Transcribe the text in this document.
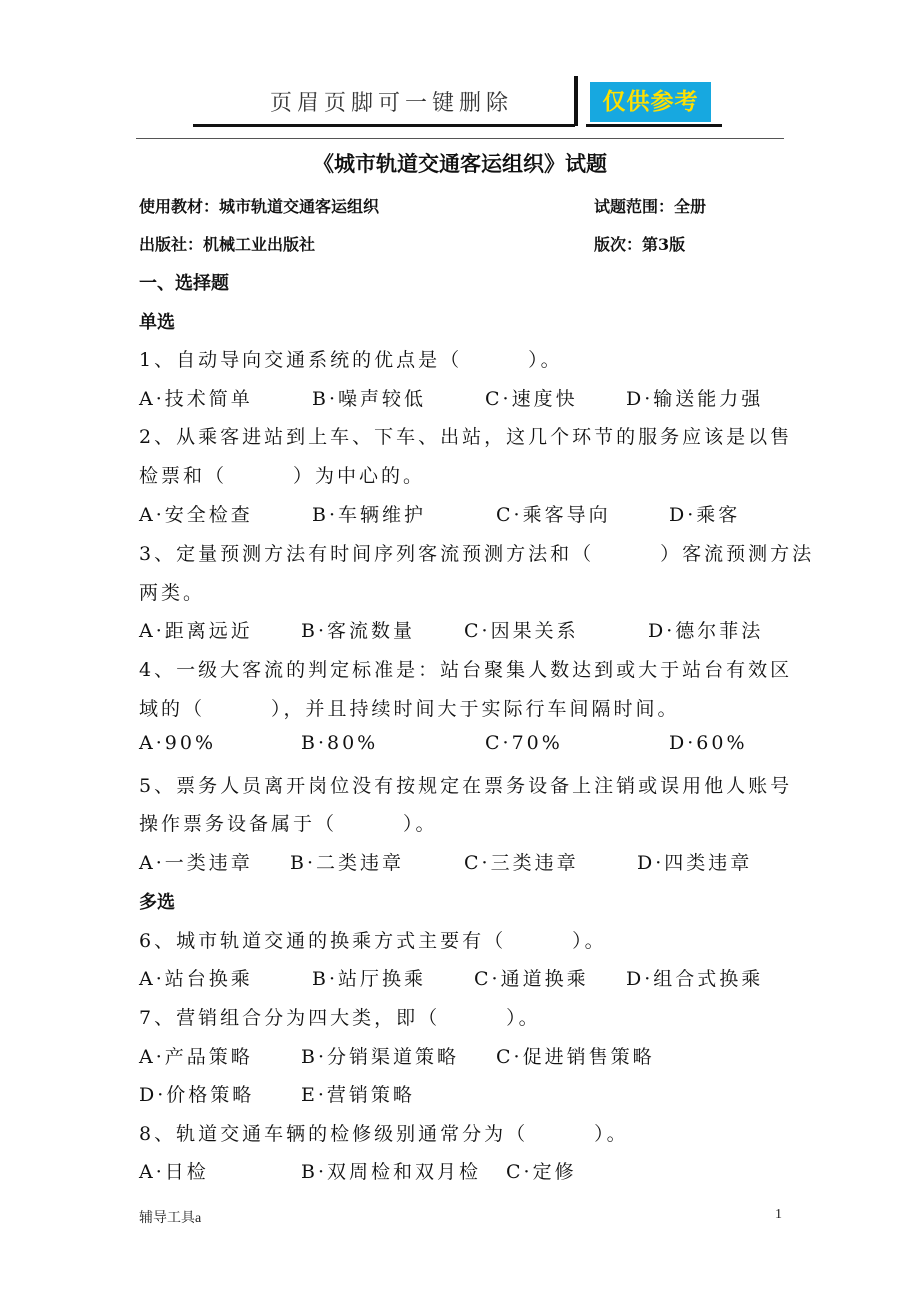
页眉页脚可一键删除	仅供参考
《城市轨道交通客运组织》试题
使用教材：城市轨道交通客运组织	试题范围：全册
出版社：机械工业出版社	版次：第3版
一、选择题
单选
1、自动导向交通系统的优点是（　　　）。
A·技术简单	B·噪声较低	C·速度快	D·输送能力强
2、从乘客进站到上车、下车、出站，这几个环节的服务应该是以售
检票和（　　　）为中心的。
A·安全检查	B·车辆维护	C·乘客导向	D·乘客
3、定量预测方法有时间序列客流预测方法和（　　　）客流预测方法
两类。
A·距离远近	B·客流数量	C·因果关系	D·德尔菲法
4、一级大客流的判定标准是：站台聚集人数达到或大于站台有效区
域的（　　　），并且持续时间大于实际行车间隔时间。
A·90%	B·80%	C·70%	D·60%
5、票务人员离开岗位没有按规定在票务设备上注销或误用他人账号
操作票务设备属于（　　　）。
A·一类违章 B·二类违章	C·三类违章	D·四类违章
多选
6、城市轨道交通的换乘方式主要有（　　　）。
A·站台换乘	B·站厅换乘	C·通道换乘 D·组合式换乘
7、营销组合分为四大类，即（　　　）。
A·产品策略	B·分销渠道策略 C·促进销售策略
D·价格策略 E·营销策略
8、轨道交通车辆的检修级别通常分为（　　　）。
A·日检	B·双周检和双月检 C·定修
辅导工具a	1
